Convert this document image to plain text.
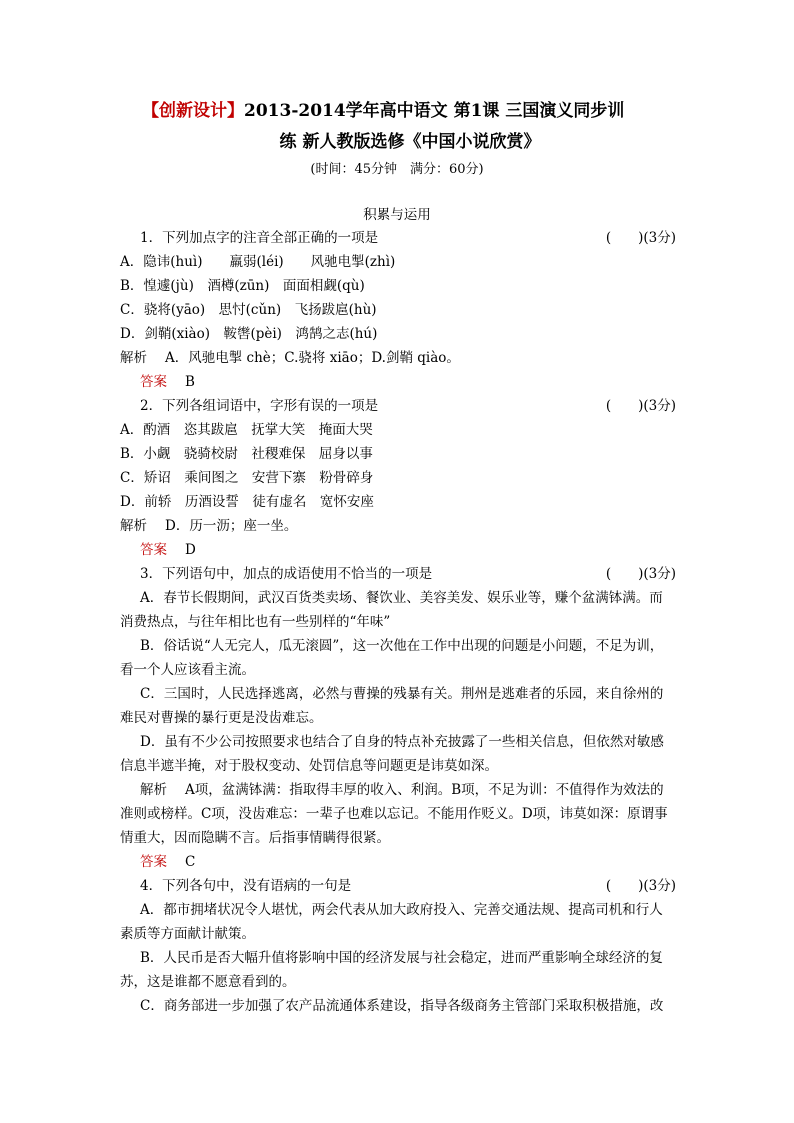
【创新设计】2013-2014学年高中语文 第1课 三国演义同步训
练 新人教版选修《中国小说欣赏》
(时间：45分钟　满分：60分)
积累与运用
1．下列加点字的注音全部正确的一项是	(　　)(3分)
A．隐讳(huì)　　羸弱(léi)　　风驰电掣(zhì)
B．惶遽(jù)　酒樽(zūn)　面面相觑(qù)
C．骁将(yāo)　思忖(cǔn)　飞扬跋扈(hù)
D．剑鞘(xiào)　鞍辔(pèi)　鸿鹄之志(hú)
解析 A．风驰电掣 chè；C.骁将 xiāo；D.剑鞘 qiào。
答案 B
2．下列各组词语中，字形有误的一项是	(　　)(3分)
A．酌酒　恣其跋扈　抚掌大笑　掩面大哭
B．小觑　骁骑校尉　社稷难保　屈身以事
C．矫诏　乘间图之　安营下寨　粉骨碎身
D．前轿　历酒设誓　徒有虚名　宽怀安座
解析 D．历一沥；座一坐。
答案 D
3．下列语句中，加点的成语使用不恰当的一项是	(　　)(3分)
A．春节长假期间，武汉百货类卖场、餐饮业、美容美发、娱乐业等，赚个盆满钵满。而
消费热点，与往年相比也有一些别样的“年味”
B．俗话说“人无完人，瓜无滚圆”，这一次他在工作中出现的问题是小问题，不足为训，
看一个人应该看主流。
C．三国时，人民选择逃离，必然与曹操的残暴有关。荆州是逃难者的乐园，来自徐州的
难民对曹操的暴行更是没齿难忘。
D．虽有不少公司按照要求也结合了自身的特点补充披露了一些相关信息，但依然对敏感
信息半遮半掩，对于股权变动、处罚信息等问题更是讳莫如深。
解析 A项，盆满钵满：指取得丰厚的收入、利润。B项，不足为训：不值得作为效法的
准则或榜样。C项，没齿难忘：一辈子也难以忘记。不能用作贬义。D项，讳莫如深：原谓事
情重大，因而隐瞒不言。后指事情瞒得很紧。
答案 C
4．下列各句中，没有语病的一句是	(　　)(3分)
A．都市拥堵状况令人堪忧，两会代表从加大政府投入、完善交通法规、提高司机和行人
素质等方面献计献策。
B．人民币是否大幅升值将影响中国的经济发展与社会稳定，进而严重影响全球经济的复
苏，这是谁都不愿意看到的。
C．商务部进一步加强了农产品流通体系建设，指导各级商务主管部门采取积极措施，改
